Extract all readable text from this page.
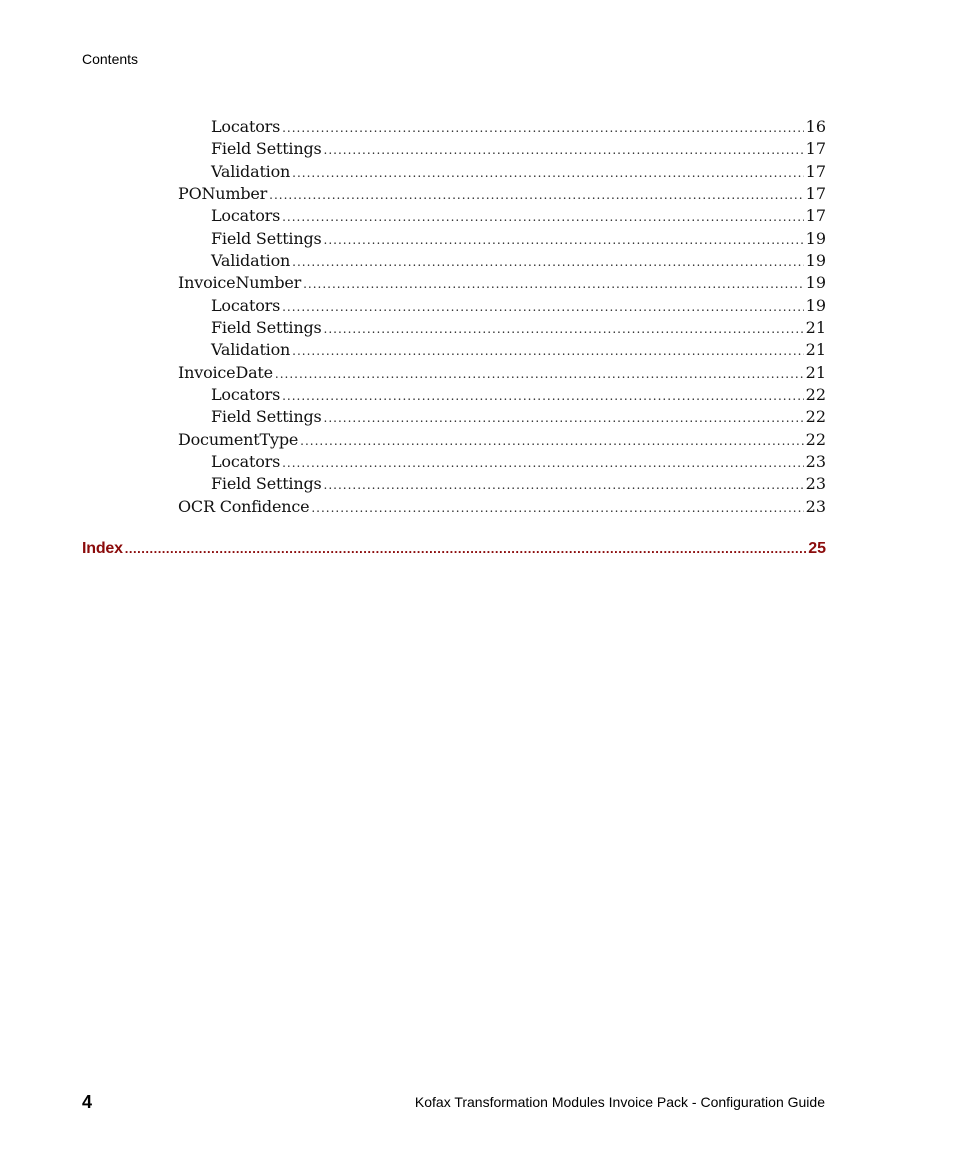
Contents
Locators .....	16
Field Settings .....	17
Validation .....	17
PONumber .....	17
Locators .....	17
Field Settings .....	19
Validation .....	19
InvoiceNumber .....	19
Locators .....	19
Field Settings .....	21
Validation .....	21
InvoiceDate .....	21
Locators .....	22
Field Settings .....	22
DocumentType .....	22
Locators .....	23
Field Settings .....	23
OCR Confidence .....	23
Index .....	25
4	Kofax Transformation Modules Invoice Pack - Configuration Guide
